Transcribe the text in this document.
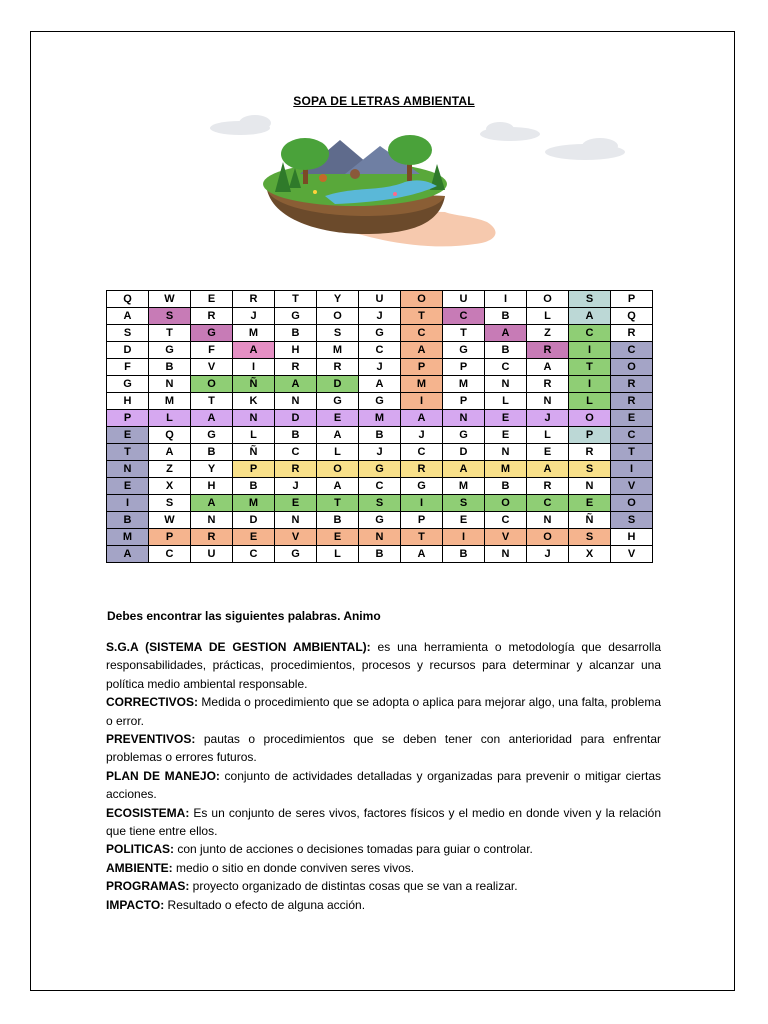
SOPA DE LETRAS AMBIENTAL
Q	W	E	R	T	Y	U	O	U	I	O	S	P
A	S	R	J	G	O	J	T	C	B	L	A	Q
S	T	G	M	B	S	G	C	T	A	Z	C	R
D	G	F	A	H	M	C	A	G	B	R	I	C
F	B	V	I	R	R	J	P	P	C	A	T	O
G	N	O	Ñ	A	D	A	M	M	N	R	I	R
H	M	T	K	N	G	G	I	P	L	N	L	R
P	L	A	N	D	E	M	A	N	E	J	O	E
E	Q	G	L	B	A	B	J	G	E	L	P	C
T	A	B	Ñ	C	L	J	C	D	N	E	R	T
N	Z	Y	P	R	O	G	R	A	M	A	S	I
E	X	H	B	J	A	C	G	M	B	R	N	V
I	S	A	M	E	T	S	I	S	O	C	E	O
B	W	N	D	N	B	G	P	E	C	N	Ñ	S
M	P	R	E	V	E	N	T	I	V	O	S	H
A	C	U	C	G	L	B	A	B	N	J	X	V
Debes encontrar las siguientes palabras. Animo

S.G.A (SISTEMA DE GESTION AMBIENTAL): es una herramienta o metodología que desarrolla responsabilidades, prácticas, procedimientos, procesos y recursos para determinar y alcanzar una política medio ambiental responsable.

CORRECTIVOS: Medida o procedimiento que se adopta o aplica para mejorar algo, una falta, problema o error.

PREVENTIVOS: pautas o procedimientos que se deben tener con anterioridad para enfrentar problemas o errores futuros.

PLAN DE MANEJO: conjunto de actividades detalladas y organizadas para prevenir o mitigar ciertas acciones.

ECOSISTEMA: Es un conjunto de seres vivos, factores físicos y el medio en donde viven y la relación que tiene entre ellos.

POLITICAS: con junto de acciones o decisiones tomadas para guiar o controlar.

AMBIENTE: medio o sitio en donde conviven seres vivos.

PROGRAMAS: proyecto organizado de distintas cosas que se van a realizar.

IMPACTO: Resultado o efecto de alguna acción.
